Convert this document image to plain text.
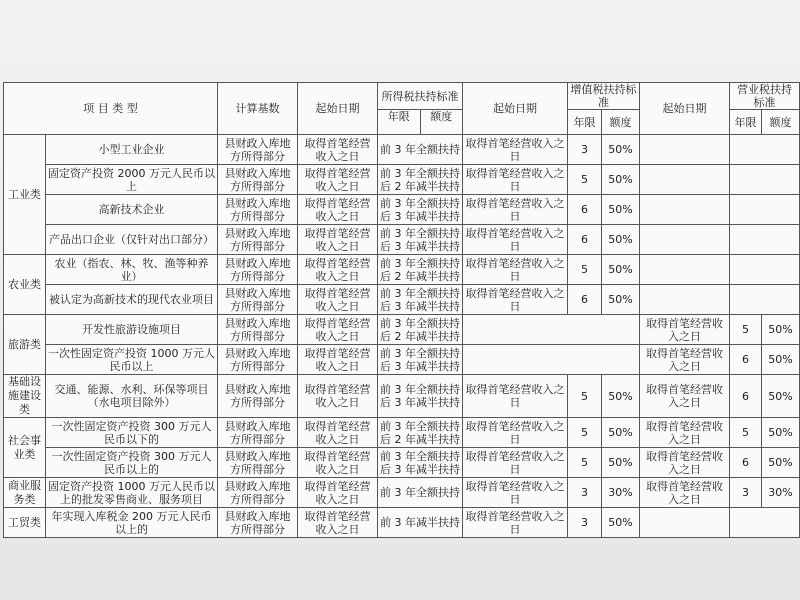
项 目 类 型		计算基数	起始日期	所得税扶持标准	起始日期	增值税扶持标准		起始日期	营业税扶持标准	

				年限 额度		年限	额度		年限	额度
工业类	小型工业企业	县财政入库地方所得部分	取得首笔经营收入之日	前 3 年全额扶持	取得首笔经营收入之日	3	50%			
	固定资产投资 2000 万元人民币以上	县财政入库地方所得部分	取得首笔经营收入之日	前 3 年全额扶持后 2 年减半扶持	取得首笔经营收入之日	5	50%			
	高新技术企业	县财政入库地方所得部分	取得首笔经营收入之日	前 3 年全额扶持后 3 年减半扶持	取得首笔经营收入之日	6	50%			
	产品出口企业（仅针对出口部分）	县财政入库地方所得部分	取得首笔经营收入之日	前 3 年全额扶持后 3 年减半扶持	取得首笔经营收入之日	6	50%			
农业类	农业（指农、林、牧、渔等种养业）	县财政入库地方所得部分	取得首笔经营收入之日	前 3 年全额扶持后 2 年减半扶持	取得首笔经营收入之日	5	50%			
	被认定为高新技术的现代农业项目	县财政入库地方所得部分	取得首笔经营收入之日	前 3 年全额扶持后 3 年减半扶持	取得首笔经营收入之日	6	50%			
旅游类	开发性旅游设施项目	县财政入库地方所得部分	取得首笔经营收入之日	前 3 年全额扶持后 2 年减半扶持				取得首笔经营收入之日	5	50%
	一次性固定资产投资 1000 万元人民币以上	县财政入库地方所得部分	取得首笔经营收入之日	前 3 年全额扶持后 3 年减半扶持				取得首笔经营收入之日	6	50%
基础设施建设类	交通、能源、水利、环保等项目（水电项目除外）	县财政入库地方所得部分	取得首笔经营收入之日	前 3 年全额扶持后 3 年减半扶持	取得首笔经营收入之日	5	50%	取得首笔经营收入之日	6	50%
社会事业类	一次性固定资产投资 300 万元人民币以下的	县财政入库地方所得部分	取得首笔经营收入之日	前 3 年全额扶持后 2 年减半扶持	取得首笔经营收入之日	5	50%	取得首笔经营收入之日	5	50%
	一次性固定资产投资 300 万元人民币以上的	县财政入库地方所得部分	取得首笔经营收入之日	前 3 年全额扶持后 3 年减半扶持	取得首笔经营收入之日	5	50%	取得首笔经营收入之日	6	50%
商业服务类	固定资产投资 1000 万元人民币以上的批发零售商业、服务项目	县财政入库地方所得部分	取得首笔经营收入之日	前 3 年全额扶持	取得首笔经营收入之日	3	30%	取得首笔经营收入之日	3	30%
工贸类	年实现入库税金 200 万元人民币以上的	县财政入库地方所得部分	取得首笔经营收入之日	前 3 年减半扶持	取得首笔经营收入之日	3	50%			
